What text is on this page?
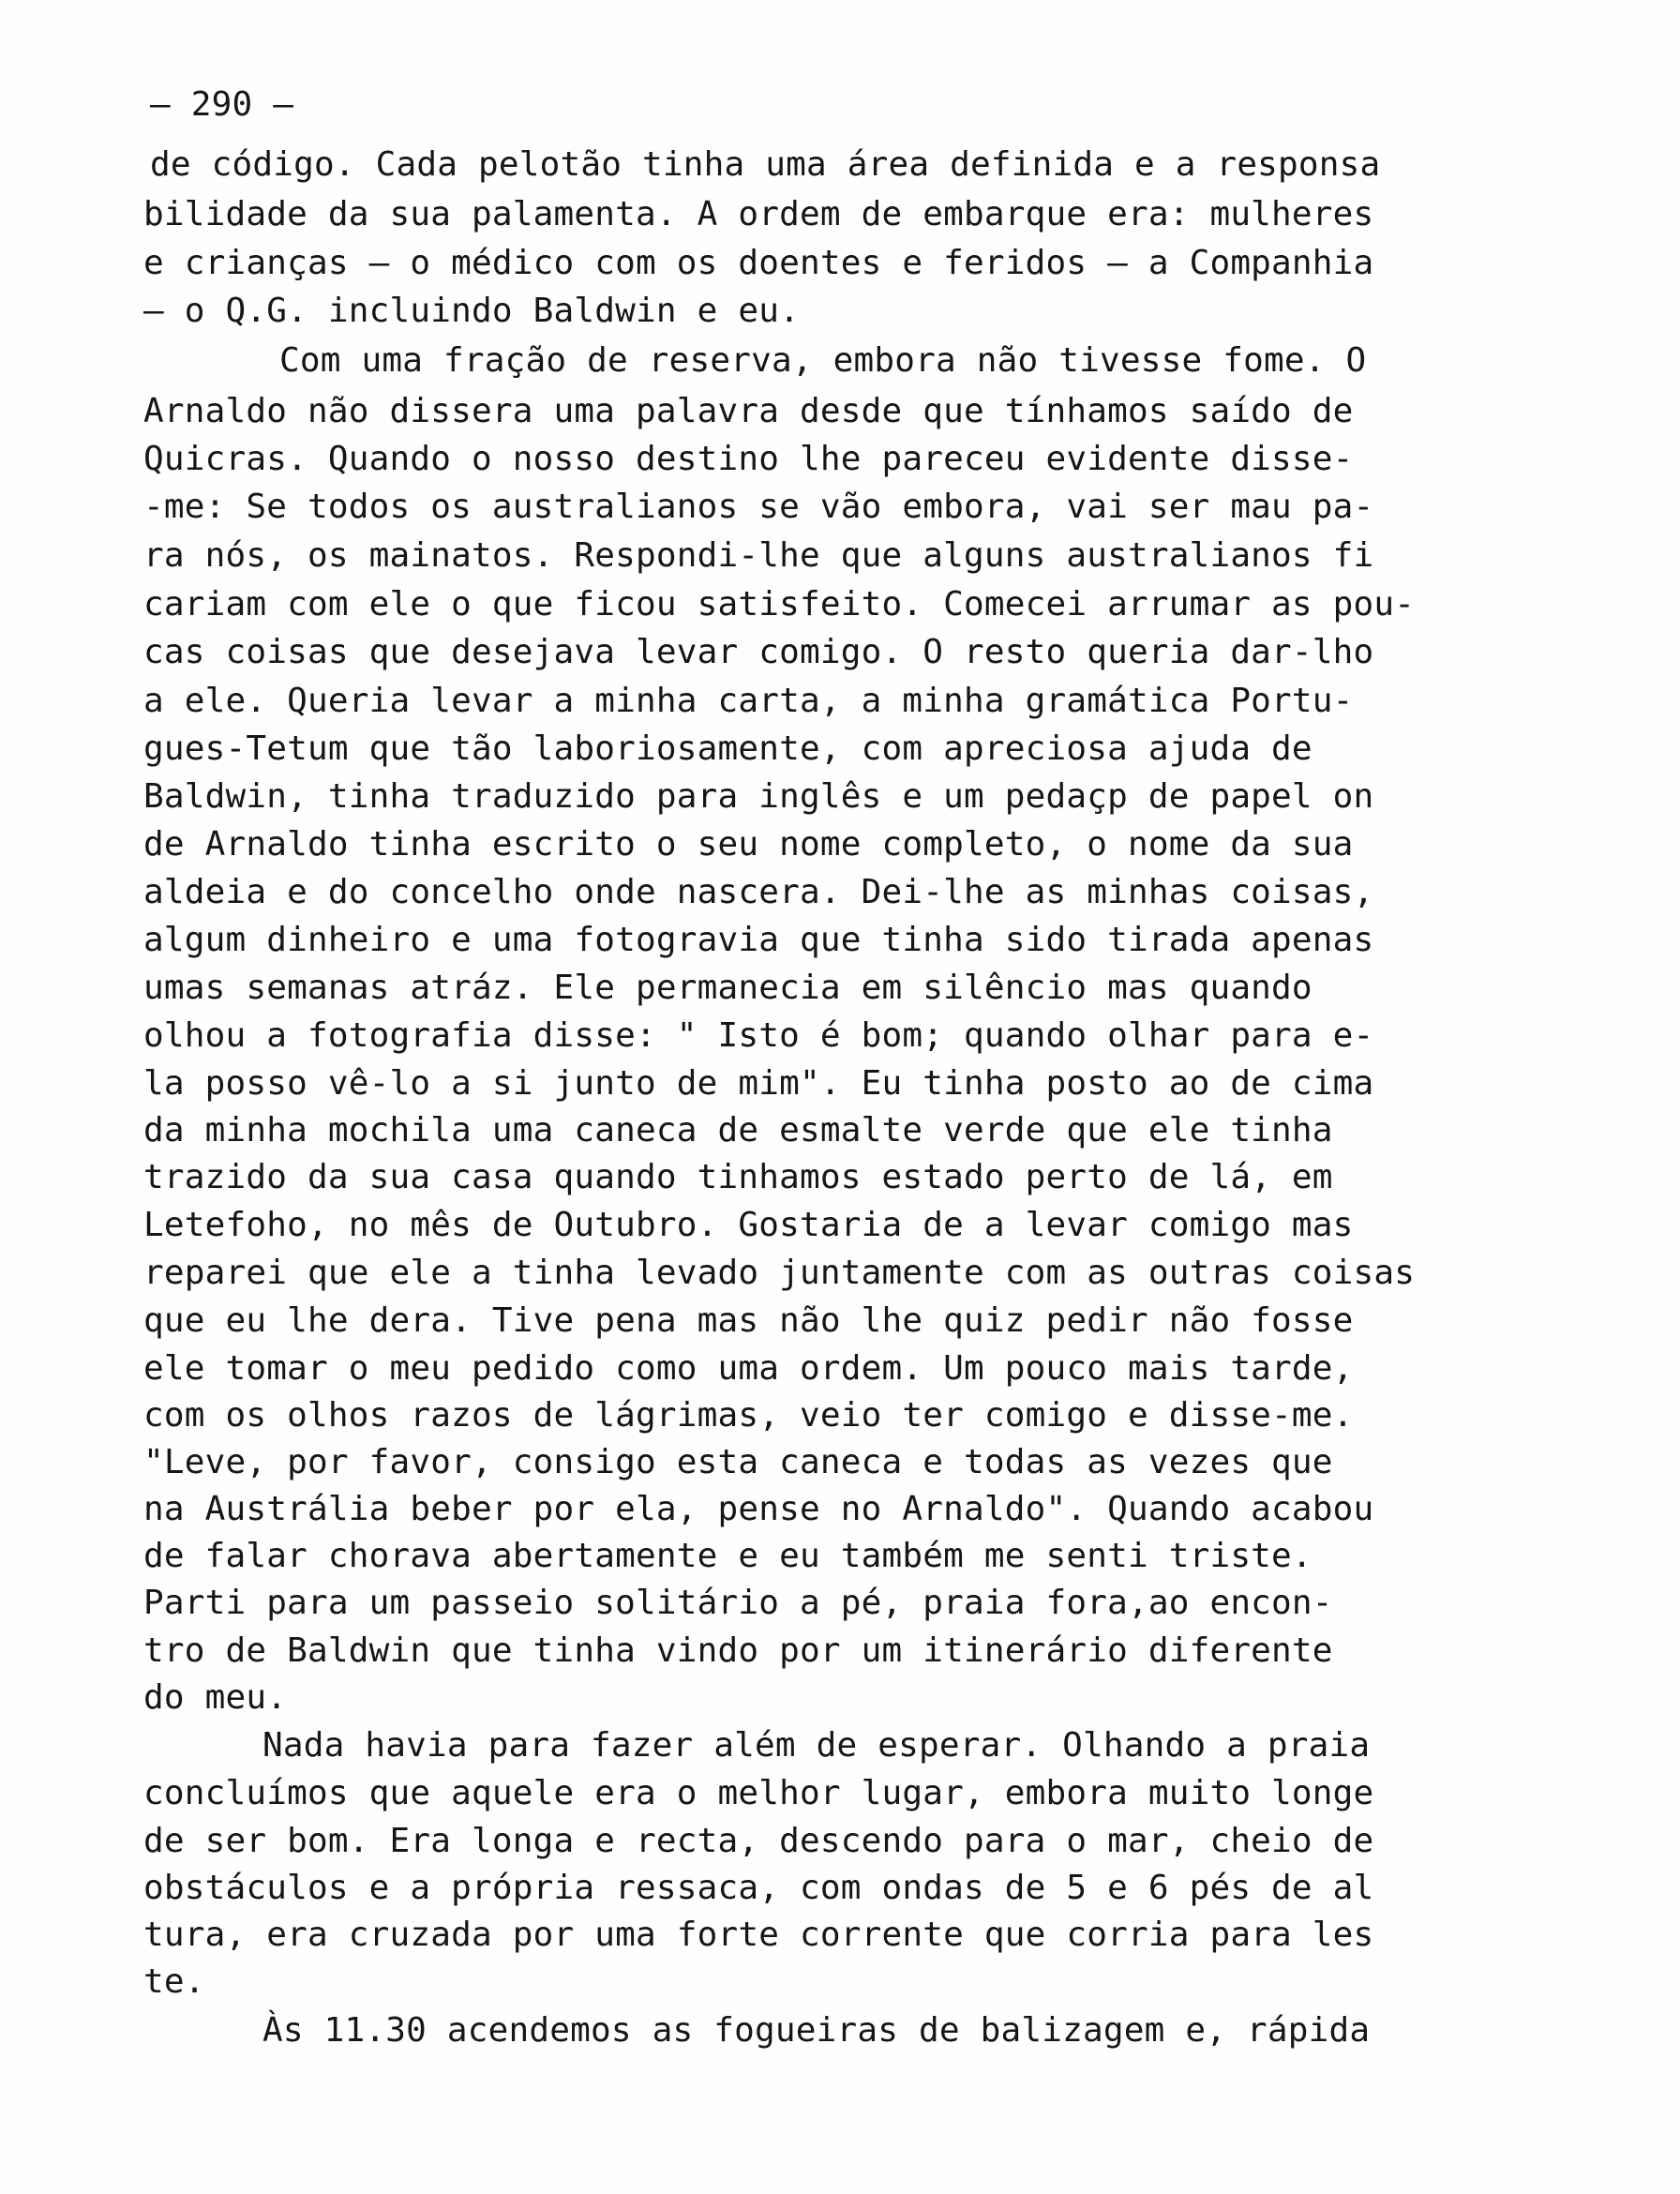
– 290 –
de código. Cada pelotão tinha uma área definida e a responsa
bilidade da sua palamenta. A ordem de embarque era: mulheres
e crianças – o médico com os doentes e feridos – a Companhia
– o Q.G. incluindo Baldwin e eu.
Com uma fração de reserva, embora não tivesse fome. O
Arnaldo não dissera uma palavra desde que tínhamos saído de
Quicras. Quando o nosso destino lhe pareceu evidente disse-
-me: Se todos os australianos se vão embora, vai ser mau pa-
ra nós, os mainatos. Respondi-lhe que alguns australianos fi
cariam com ele o que ficou satisfeito. Comecei arrumar as pou-
cas coisas que desejava levar comigo. O resto queria dar-lho
a ele. Queria levar a minha carta, a minha gramática Portu-
gues-Tetum que tão laboriosamente, com apreciosa ajuda de
Baldwin, tinha traduzido para inglês e um pedaçp de papel on
de Arnaldo tinha escrito o seu nome completo, o nome da sua
aldeia e do concelho onde nascera. Dei-lhe as minhas coisas,
algum dinheiro e uma fotogravia que tinha sido tirada apenas
umas semanas atráz. Ele permanecia em silêncio mas quando
olhou a fotografia disse: " Isto é bom; quando olhar para e-
la posso vê-lo a si junto de mim". Eu tinha posto ao de cima
da minha mochila uma caneca de esmalte verde que ele tinha
trazido da sua casa quando tinhamos estado perto de lá, em
Letefoho, no mês de Outubro. Gostaria de a levar comigo mas
reparei que ele a tinha levado juntamente com as outras coisas
que eu lhe dera. Tive pena mas não lhe quiz pedir não fosse
ele tomar o meu pedido como uma ordem. Um pouco mais tarde,
com os olhos razos de lágrimas, veio ter comigo e disse-me.
"Leve, por favor, consigo esta caneca e todas as vezes que
na Austrália beber por ela, pense no Arnaldo". Quando acabou
de falar chorava abertamente e eu também me senti triste.
Parti para um passeio solitário a pé, praia fora,ao encon-
tro de Baldwin que tinha vindo por um itinerário diferente
do meu.
Nada havia para fazer além de esperar. Olhando a praia
concluímos que aquele era o melhor lugar, embora muito longe
de ser bom. Era longa e recta, descendo para o mar, cheio de
obstáculos e a própria ressaca, com ondas de 5 e 6 pés de al
tura, era cruzada por uma forte corrente que corria para les
te.
Às 11.30 acendemos as fogueiras de balizagem e, rápida
